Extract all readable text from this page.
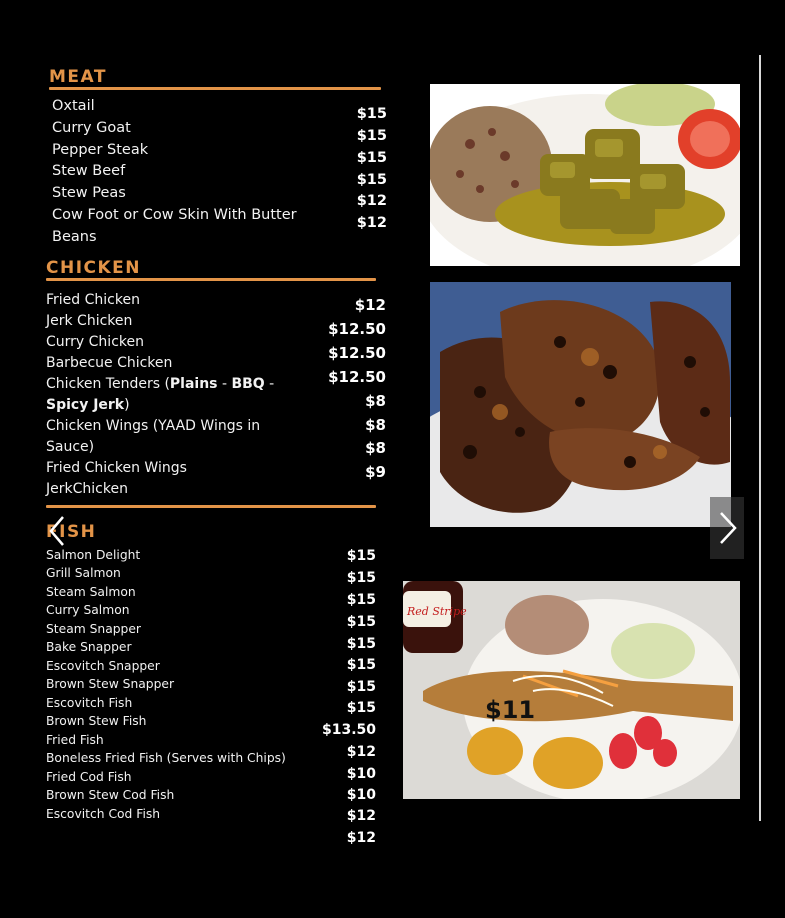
MEAT
Oxtail
Curry Goat
Pepper Steak
Stew Beef
Stew Peas
Cow Foot or Cow Skin With Butter
Beans
$15
$15
$15
$15
$12
$12
CHICKEN
Fried Chicken
Jerk Chicken
Curry Chicken
Barbecue Chicken
Chicken Tenders (Plains - BBQ -
Spicy Jerk)
Chicken Wings (YAAD Wings in
Sauce)
Fried Chicken Wings
JerkChicken
$12
$12.50
$12.50
$12.50
$8
$8
$8
$9
FISH
Salmon Delight
Grill Salmon
Steam Salmon
Curry Salmon
Steam Snapper
Bake Snapper
Escovitch Snapper
Brown Stew Snapper
Escovitch Fish
Brown Stew Fish
Fried Fish
Boneless Fried Fish (Serves with Chips)
Fried Cod Fish
Brown Stew Cod Fish
Escovitch Cod Fish
$15
$15
$15
$15
$15
$15
$15
$15
$13.50
$12
$10
$10
$12
$12
Red Stripe
$11
